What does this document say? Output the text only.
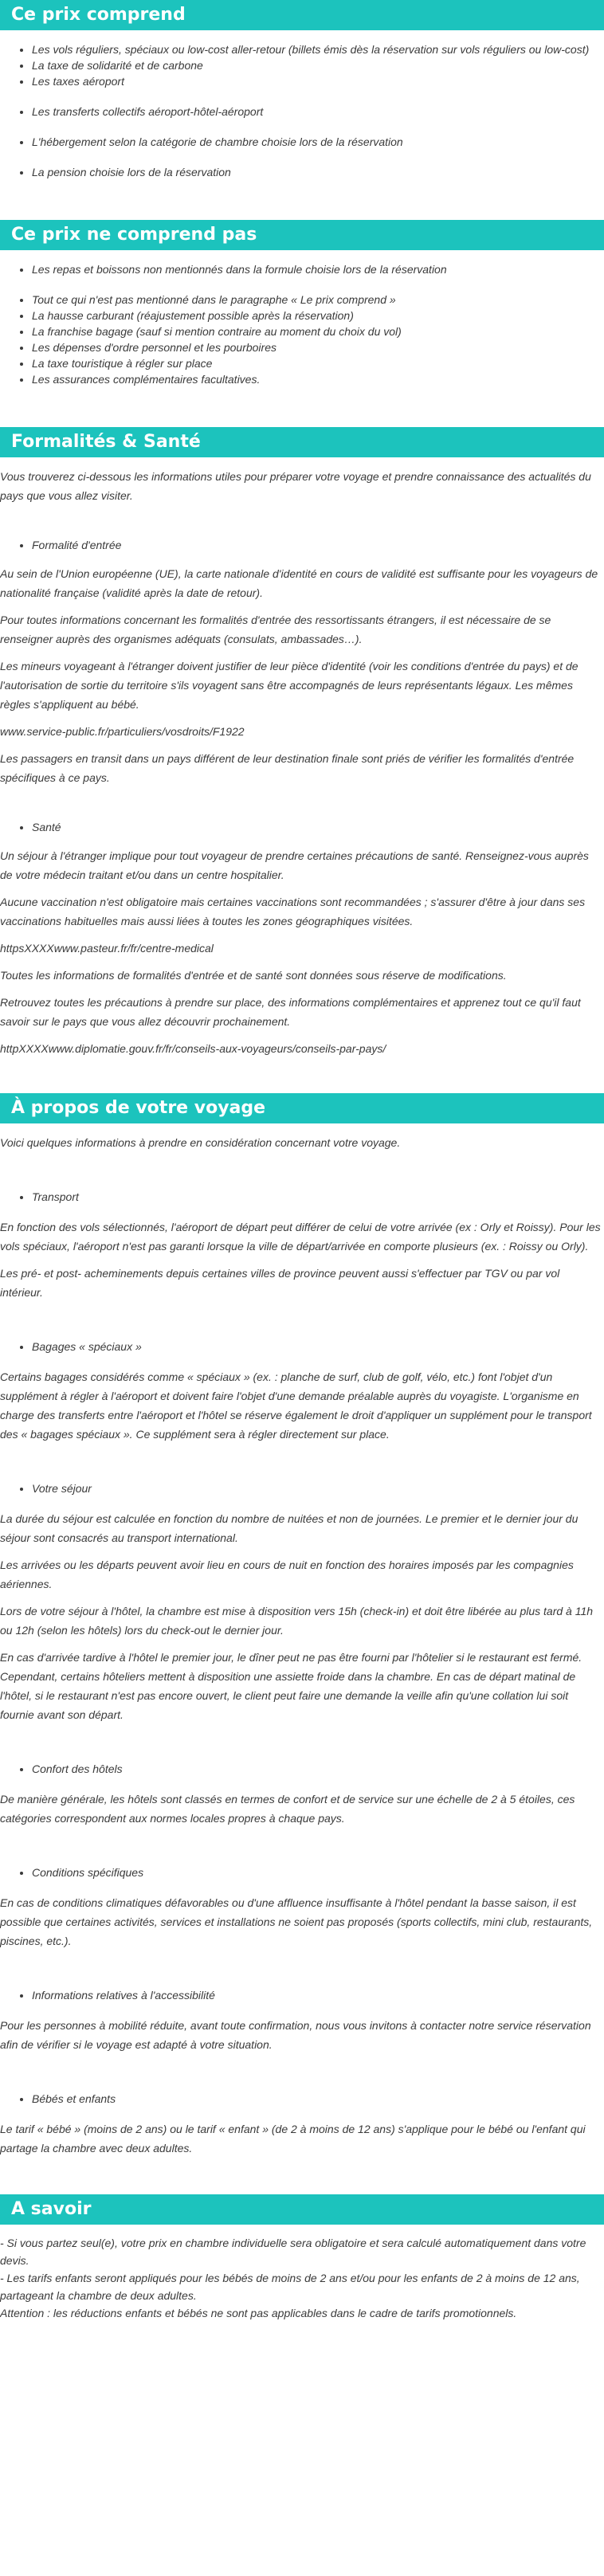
Ce prix comprend
• Les vols réguliers, spéciaux ou low-cost aller-retour (billets émis dès la réservation sur vols réguliers ou low-cost)
• La taxe de solidarité et de carbone
• Les taxes aéroport
• Les transferts collectifs aéroport-hôtel-aéroport
• L'hébergement selon la catégorie de chambre choisie lors de la réservation
• La pension choisie lors de la réservation
Ce prix ne comprend pas
• Les repas et boissons non mentionnés dans la formule choisie lors de la réservation
• Tout ce qui n'est pas mentionné dans le paragraphe « Le prix comprend »
• La hausse carburant (réajustement possible après la réservation)
• La franchise bagage (sauf si mention contraire au moment du choix du vol)
• Les dépenses d'ordre personnel et les pourboires
• La taxe touristique à régler sur place
• Les assurances complémentaires facultatives.
Formalités & Santé

Vous trouverez ci-dessous les informations utiles pour préparer votre voyage et prendre connaissance des actualités du pays que vous allez visiter.

• Formalité d'entrée

Au sein de l'Union européenne (UE), la carte nationale d'identité en cours de validité est suffisante pour les voyageurs de nationalité française (validité après la date de retour).

Pour toutes informations concernant les formalités d'entrée des ressortissants étrangers, il est nécessaire de se renseigner auprès des organismes adéquats (consulats, ambassades…).

Les mineurs voyageant à l'étranger doivent justifier de leur pièce d'identité (voir les conditions d'entrée du pays) et de l'autorisation de sortie du territoire s'ils voyagent sans être accompagnés de leurs représentants légaux. Les mêmes règles s'appliquent au bébé.

www.service-public.fr/particuliers/vosdroits/F1922

Les passagers en transit dans un pays différent de leur destination finale sont priés de vérifier les formalités d'entrée spécifiques à ce pays.

• Santé

Un séjour à l'étranger implique pour tout voyageur de prendre certaines précautions de santé. Renseignez-vous auprès de votre médecin traitant et/ou dans un centre hospitalier.

Aucune vaccination n'est obligatoire mais certaines vaccinations sont recommandées ; s'assurer d'être à jour dans ses vaccinations habituelles mais aussi liées à toutes les zones géographiques visitées.

httpsXXXXwww.pasteur.fr/fr/centre-medical

Toutes les informations de formalités d'entrée et de santé sont données sous réserve de modifications.

Retrouvez toutes les précautions à prendre sur place, des informations complémentaires et apprenez tout ce qu'il faut savoir sur le pays que vous allez découvrir prochainement.

httpXXXXwww.diplomatie.gouv.fr/fr/conseils-aux-voyageurs/conseils-par-pays/

À propos de votre voyage

Voici quelques informations à prendre en considération concernant votre voyage.

• Transport

En fonction des vols sélectionnés, l'aéroport de départ peut différer de celui de votre arrivée (ex : Orly et Roissy). Pour les vols spéciaux, l'aéroport n'est pas garanti lorsque la ville de départ/arrivée en comporte plusieurs (ex. : Roissy ou Orly).

Les pré- et post- acheminements depuis certaines villes de province peuvent aussi s'effectuer par TGV ou par vol intérieur.

• Bagages « spéciaux »

Certains bagages considérés comme « spéciaux » (ex. : planche de surf, club de golf, vélo, etc.) font l'objet d'un supplément à régler à l'aéroport et doivent faire l'objet d'une demande préalable auprès du voyagiste. L'organisme en charge des transferts entre l'aéroport et l'hôtel se réserve également le droit d'appliquer un supplément pour le transport des « bagages spéciaux ». Ce supplément sera à régler directement sur place.

• Votre séjour

La durée du séjour est calculée en fonction du nombre de nuitées et non de journées. Le premier et le dernier jour du séjour sont consacrés au transport international.

Les arrivées ou les départs peuvent avoir lieu en cours de nuit en fonction des horaires imposés par les compagnies aériennes.

Lors de votre séjour à l'hôtel, la chambre est mise à disposition vers 15h (check-in) et doit être libérée au plus tard à 11h ou 12h (selon les hôtels) lors du check-out le dernier jour.

En cas d'arrivée tardive à l'hôtel le premier jour, le dîner peut ne pas être fourni par l'hôtelier si le restaurant est fermé. Cependant, certains hôteliers mettent à disposition une assiette froide dans la chambre. En cas de départ matinal de l'hôtel, si le restaurant n'est pas encore ouvert, le client peut faire une demande la veille afin qu'une collation lui soit fournie avant son départ.

• Confort des hôtels

De manière générale, les hôtels sont classés en termes de confort et de service sur une échelle de 2 à 5 étoiles, ces catégories correspondent aux normes locales propres à chaque pays.

• Conditions spécifiques

En cas de conditions climatiques défavorables ou d'une affluence insuffisante à l'hôtel pendant la basse saison, il est possible que certaines activités, services et installations ne soient pas proposés (sports collectifs, mini club, restaurants, piscines, etc.).

• Informations relatives à l'accessibilité

Pour les personnes à mobilité réduite, avant toute confirmation, nous vous invitons à contacter notre service réservation afin de vérifier si le voyage est adapté à votre situation.

• Bébés et enfants

Le tarif « bébé » (moins de 2 ans) ou le tarif « enfant » (de 2 à moins de 12 ans) s'applique pour le bébé ou l'enfant qui partage la chambre avec deux adultes.

A savoir

- Si vous partez seul(e), votre prix en chambre individuelle sera obligatoire et sera calculé automatiquement dans votre devis.

- Les tarifs enfants seront appliqués pour les bébés de moins de 2 ans et/ou pour les enfants de 2 à moins de 12 ans, partageant la chambre de deux adultes.

Attention : les réductions enfants et bébés ne sont pas applicables dans le cadre de tarifs promotionnels.
